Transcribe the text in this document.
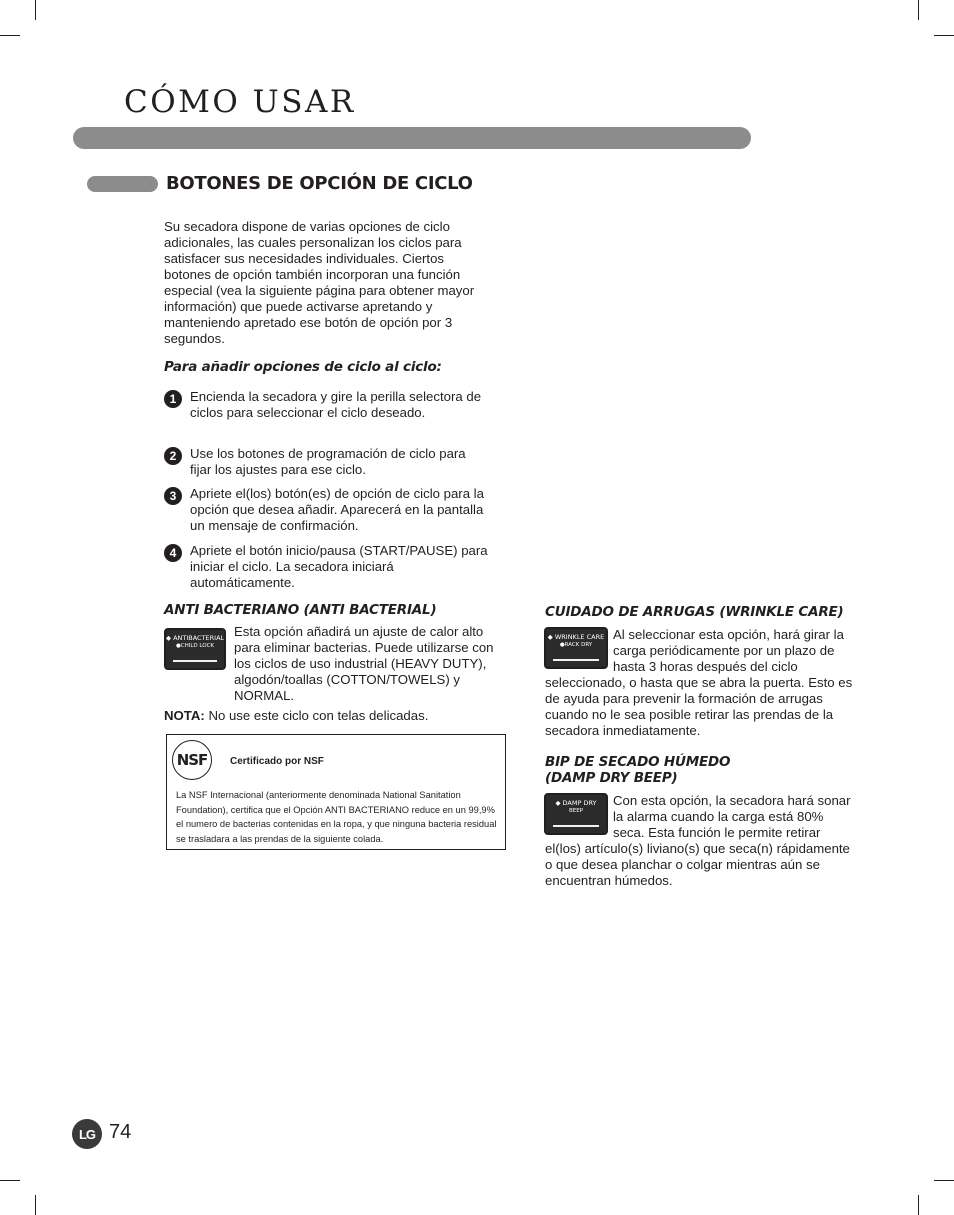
CÓMO USAR
BOTONES DE OPCIÓN DE CICLO

Su secadora dispone de varias opciones de ciclo adicionales, las cuales personalizan los ciclos para satisfacer sus necesidades individuales. Ciertos botones de opción también incorporan una función especial (vea la siguiente página para obtener mayor información) que puede activarse apretando y manteniendo apretado ese botón de opción por 3 segundos.

Para añadir opciones de ciclo al ciclo:

1	Encienda la secadora y gire la perilla selectora de ciclos para seleccionar el ciclo deseado.

2	Use los botones de programación de ciclo para fijar los ajustes para ese ciclo.

3	Apriete el(los) botón(es) de opción de ciclo para la opción que desea añadir. Aparecerá en la pantalla un mensaje de confirmación.

4	Apriete el botón inicio/pausa (START/PAUSE) para iniciar el ciclo. La secadora iniciará automáticamente.

ANTI BACTERIANO (ANTI BACTERIAL)

◆ ANTIBACTERIAL
●CHILD LOCK

Esta opción añadirá un ajuste de calor alto para eliminar bacterias. Puede utilizarse con los ciclos de uso industrial (HEAVY DUTY), algodón/toallas (COTTON/TOWELS) y NORMAL.

NOTA: No use este ciclo con telas delicadas.

NSF	Certificado por NSF

La NSF Internacional (anteriormente denominada National Sanitation Foundation), certifica que el Opción ANTI BACTERIANO reduce en un 99,9% el numero de bacterias contenidas en la ropa, y que ninguna bacteria residual se trasladara a las prendas de la siguiente colada.

CUIDADO DE ARRUGAS (WRINKLE CARE)

◆ WRINKLE CARE
●RACK DRY
Al seleccionar esta opción, hará girar la carga periódicamente por un plazo de hasta 3 horas después del ciclo seleccionado, o hasta que se abra la puerta. Esto es de ayuda para prevenir la formación de arrugas cuando no le sea posible retirar las prendas de la secadora inmediatamente.

BIP DE SECADO HÚMEDO
(DAMP DRY BEEP)

◆ DAMP DRY
BEEP
Con esta opción, la secadora hará sonar la alarma cuando la carga está 80% seca. Esta función le permite retirar el(los) artículo(s) liviano(s) que seca(n) rápidamente o que desea planchar o colgar mientras aún se encuentran húmedos.
LG 74
